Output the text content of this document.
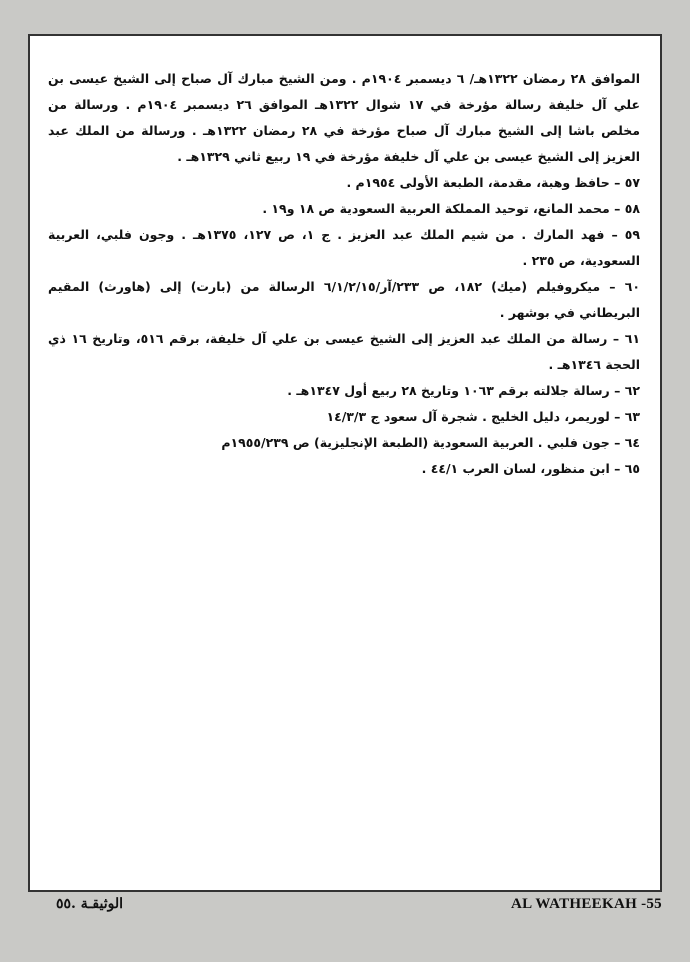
الموافق ٢٨ رمضان ١٣٢٢هـ/ ٦ ديسمبر ١٩٠٤م . ومن الشيخ مبارك آل صباح إلى الشيخ عيسى بن علي آل خليفة رسالة مؤرخة في ١٧ شوال ١٣٢٢هـ الموافق ٢٦ ديسمبر ١٩٠٤م . ورسالة من مخلص باشا إلى الشيخ مبارك آل صباح مؤرخة في ٢٨ رمضان ١٣٢٢هـ . ورسالة من الملك عبد العزيز إلى الشيخ عيسى بن علي آل خليفة مؤرخة في ١٩ ربيع ثاني ١٣٢٩هـ .
٥٧ – حافظ وهبة، مقدمة، الطبعة الأولى ١٩٥٤م .
٥٨ – محمد المانع، توحيد المملكة العربية السعودية ص ١٨ و١٩ .
٥٩ – فهد المارك . من شيم الملك عبد العزيز . ج ١، ص ١٢٧، ١٣٧٥هـ . وجون فلبي، العربية السعودية، ص ٢٣٥ .
٦٠ – ميكروفيلم (ميك) ١٨٢، ص ٢٣٣/آر/٦/١/٢/١٥ الرسالة من (بارت) إلى (هاورث) المقيم البريطاني في بوشهر .
٦١ – رسالة من الملك عبد العزيز إلى الشيخ عيسى بن علي آل خليفة، برقم ٥١٦، وتاريخ ١٦ ذي الحجة ١٣٤٦هـ .
٦٢ – رسالة جلالته برقم ١٠٦٣ وتاريخ ٢٨ ربيع أول ١٣٤٧هـ .
٦٣ – لوريمر، دليل الخليج . شجرة آل سعود ج ١٤/٣/٣
٦٤ – جون فلبي . العربية السعودية (الطبعة الإنجليزية) ص ١٩٥٥/٢٣٩م
٦٥ – ابن منظور، لسان العرب ٤٤/١ .
الوثيقـة .٥٥	AL WATHEEKAH -55
